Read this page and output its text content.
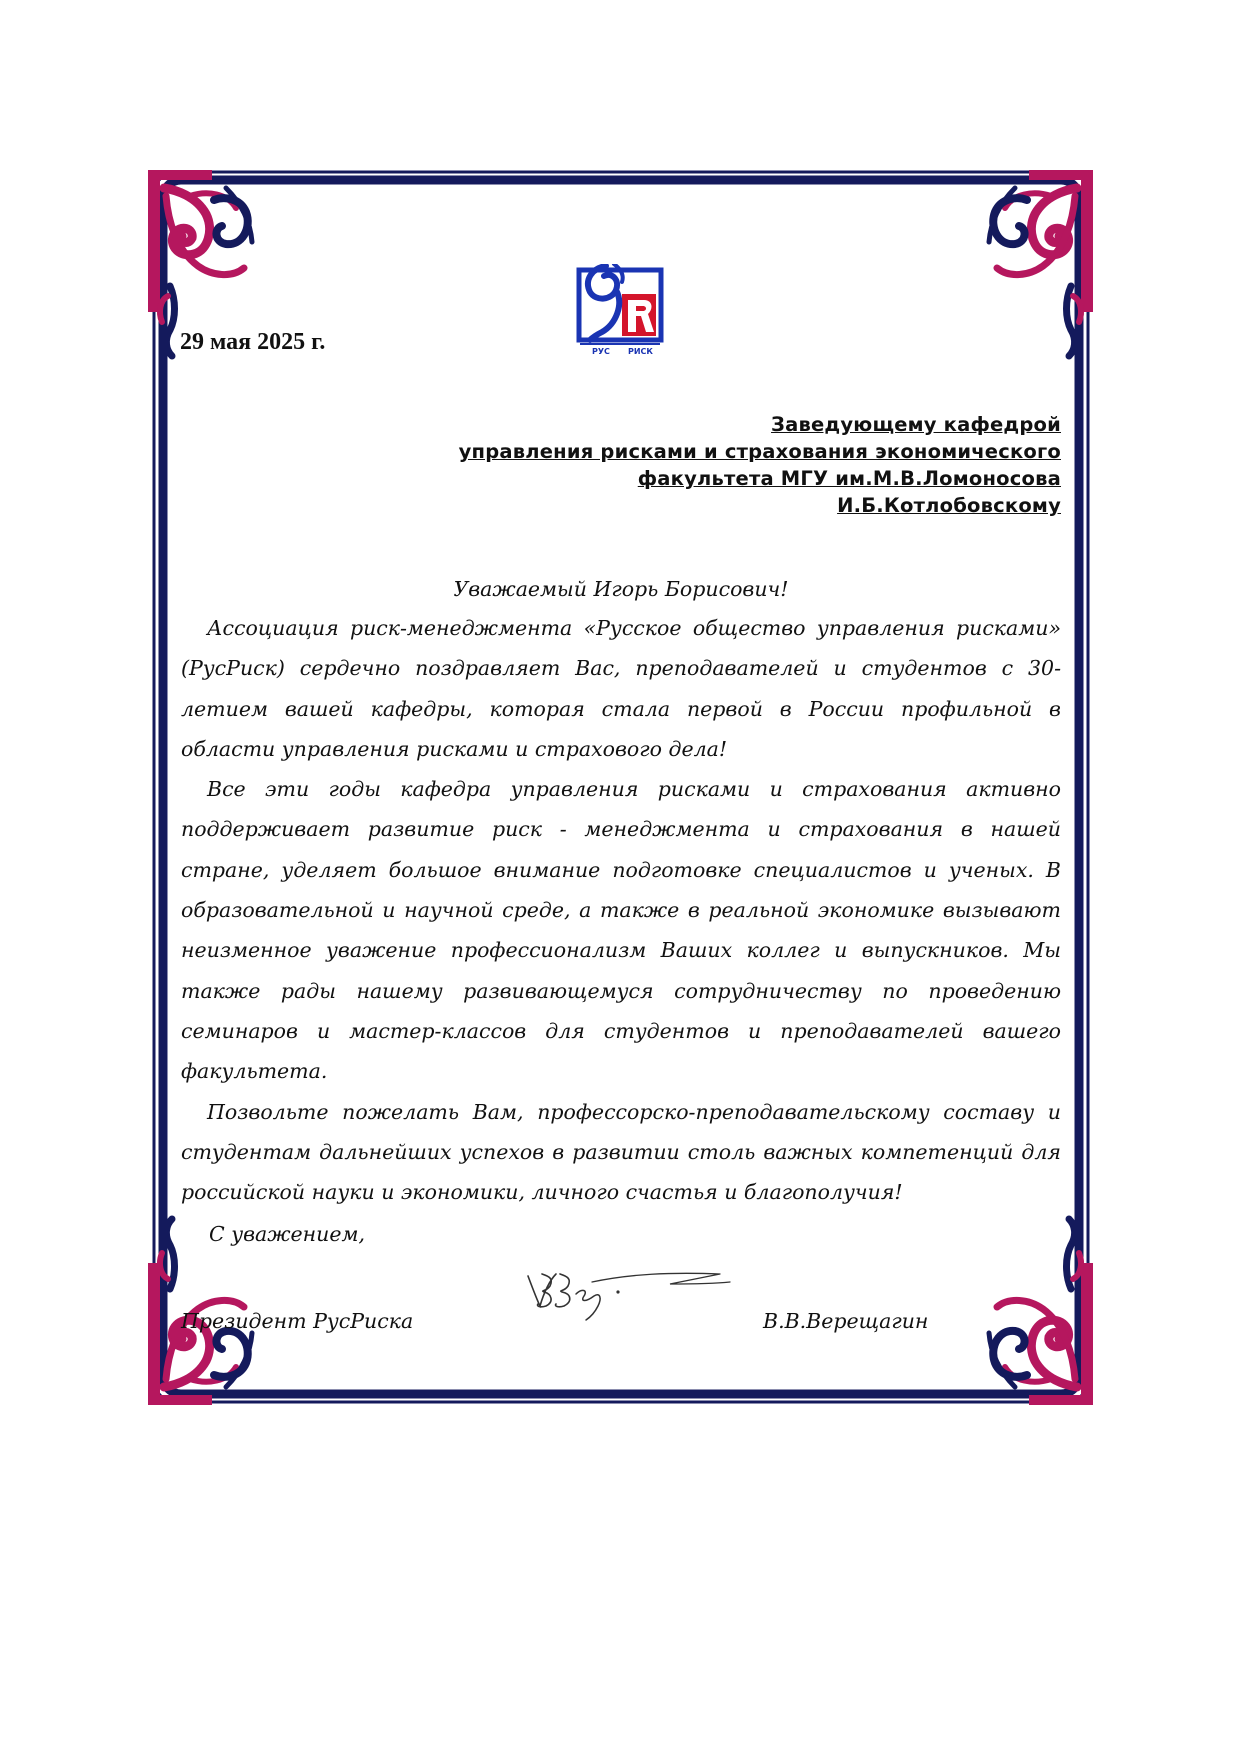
РУС РИСК
29 мая 2025 г.
Заведующему кафедрой
управления рисками и страхования экономического
факультета МГУ им.М.В.Ломоносова
И.Б.Котлобовскому
Уважаемый Игорь Борисович!

Ассоциация риск-менеджмента «Русское общество управления рисками» (РусРиск) сердечно поздравляет Вас, преподавателей и студентов с 30-летием вашей кафедры, которая стала первой в России профильной в области управления рисками и страхового дела!

Все эти годы кафедра управления рисками и страхования активно поддерживает развитие риск - менеджмента и страхования в нашей стране, уделяет большое внимание подготовке специалистов и ученых. В образовательной и научной среде, а также в реальной экономике вызывают неизменное уважение профессионализм Ваших коллег и выпускников. Мы также рады нашему развивающемуся сотрудничеству по проведению семинаров и мастер-классов для студентов и преподавателей вашего факультета.

Позвольте пожелать Вам, профессорско-преподавательскому составу и студентам дальнейших успехов в развитии столь важных компетенций для российской науки и экономики, личного счастья и благополучия!

С уважением,
Президент РусРиска	В.В.Верещагин
